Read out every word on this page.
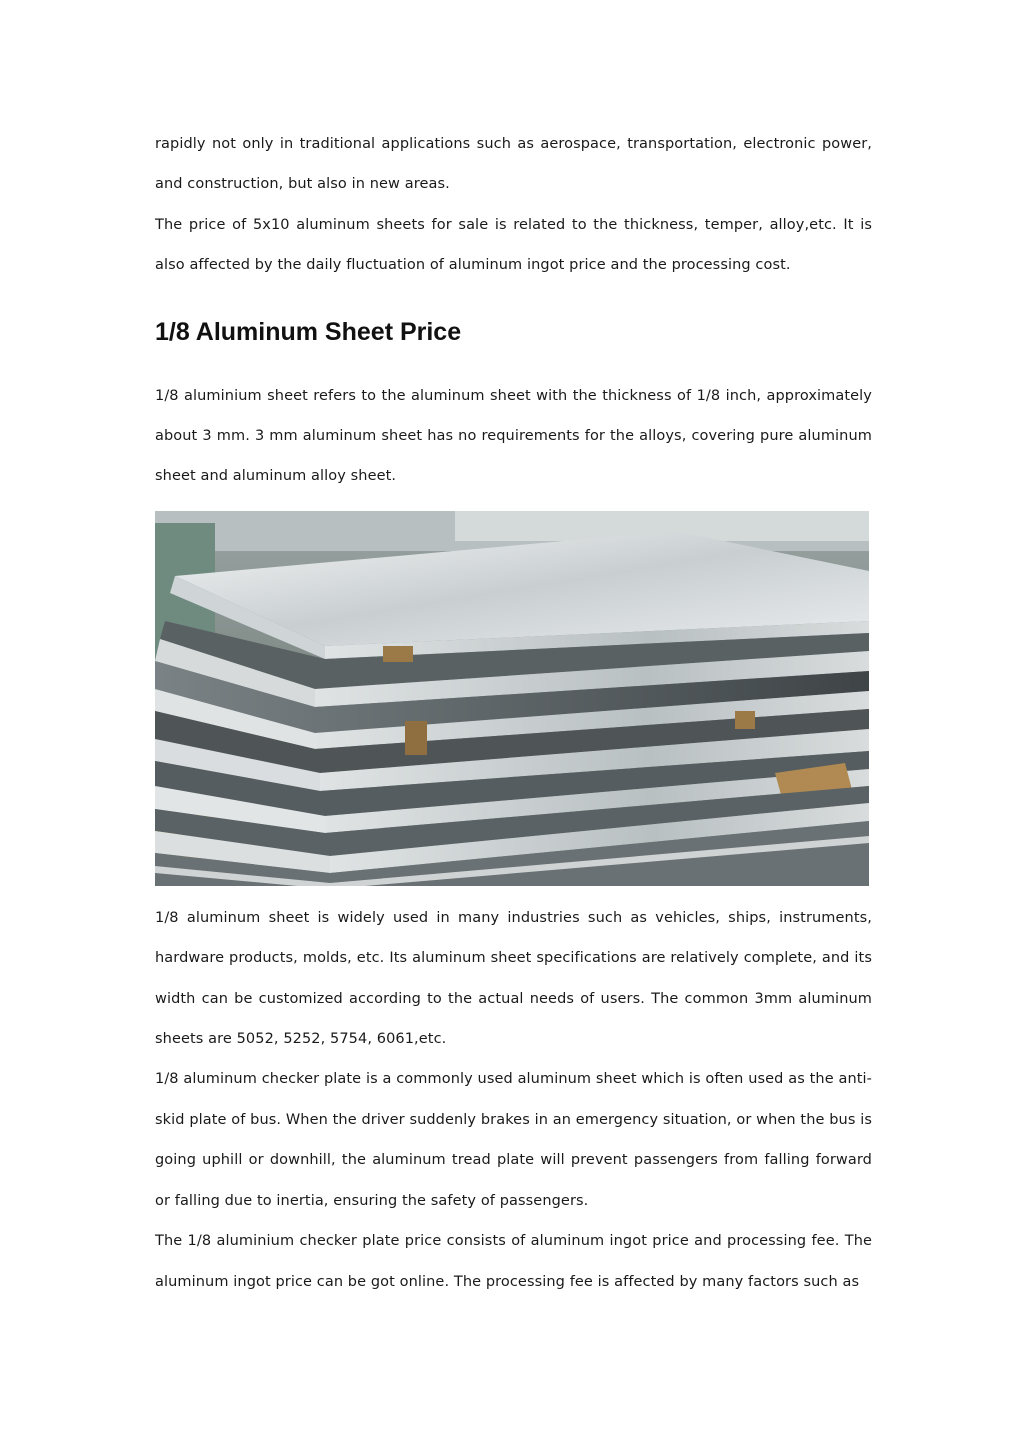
rapidly not only in traditional applications such as aerospace, transportation, electronic power, and construction, but also in new areas.

The price of 5x10 aluminum sheets for sale is related to the thickness, temper, alloy,etc. It is also affected by the daily fluctuation of aluminum ingot price and the processing cost.

1/8 Aluminum Sheet Price

1/8 aluminium sheet refers to the aluminum sheet with the thickness of 1/8 inch, approximately about 3 mm. 3 mm aluminum sheet has no requirements for the alloys, covering pure aluminum sheet and aluminum alloy sheet.

1/8 aluminum sheet is widely used in many industries such as vehicles, ships, instruments, hardware products, molds, etc. Its aluminum sheet specifications are relatively complete, and its width can be customized according to the actual needs of users. The common 3mm aluminum sheets are 5052, 5252, 5754, 6061,etc.

1/8 aluminum checker plate is a commonly used aluminum sheet which is often used as the anti-skid plate of bus. When the driver suddenly brakes in an emergency situation, or when the bus is going uphill or downhill, the aluminum tread plate will prevent passengers from falling forward or falling due to inertia, ensuring the safety of passengers.

The 1/8 aluminium checker plate price consists of aluminum ingot price and processing fee. The aluminum ingot price can be got online. The processing fee is affected by many factors such as
